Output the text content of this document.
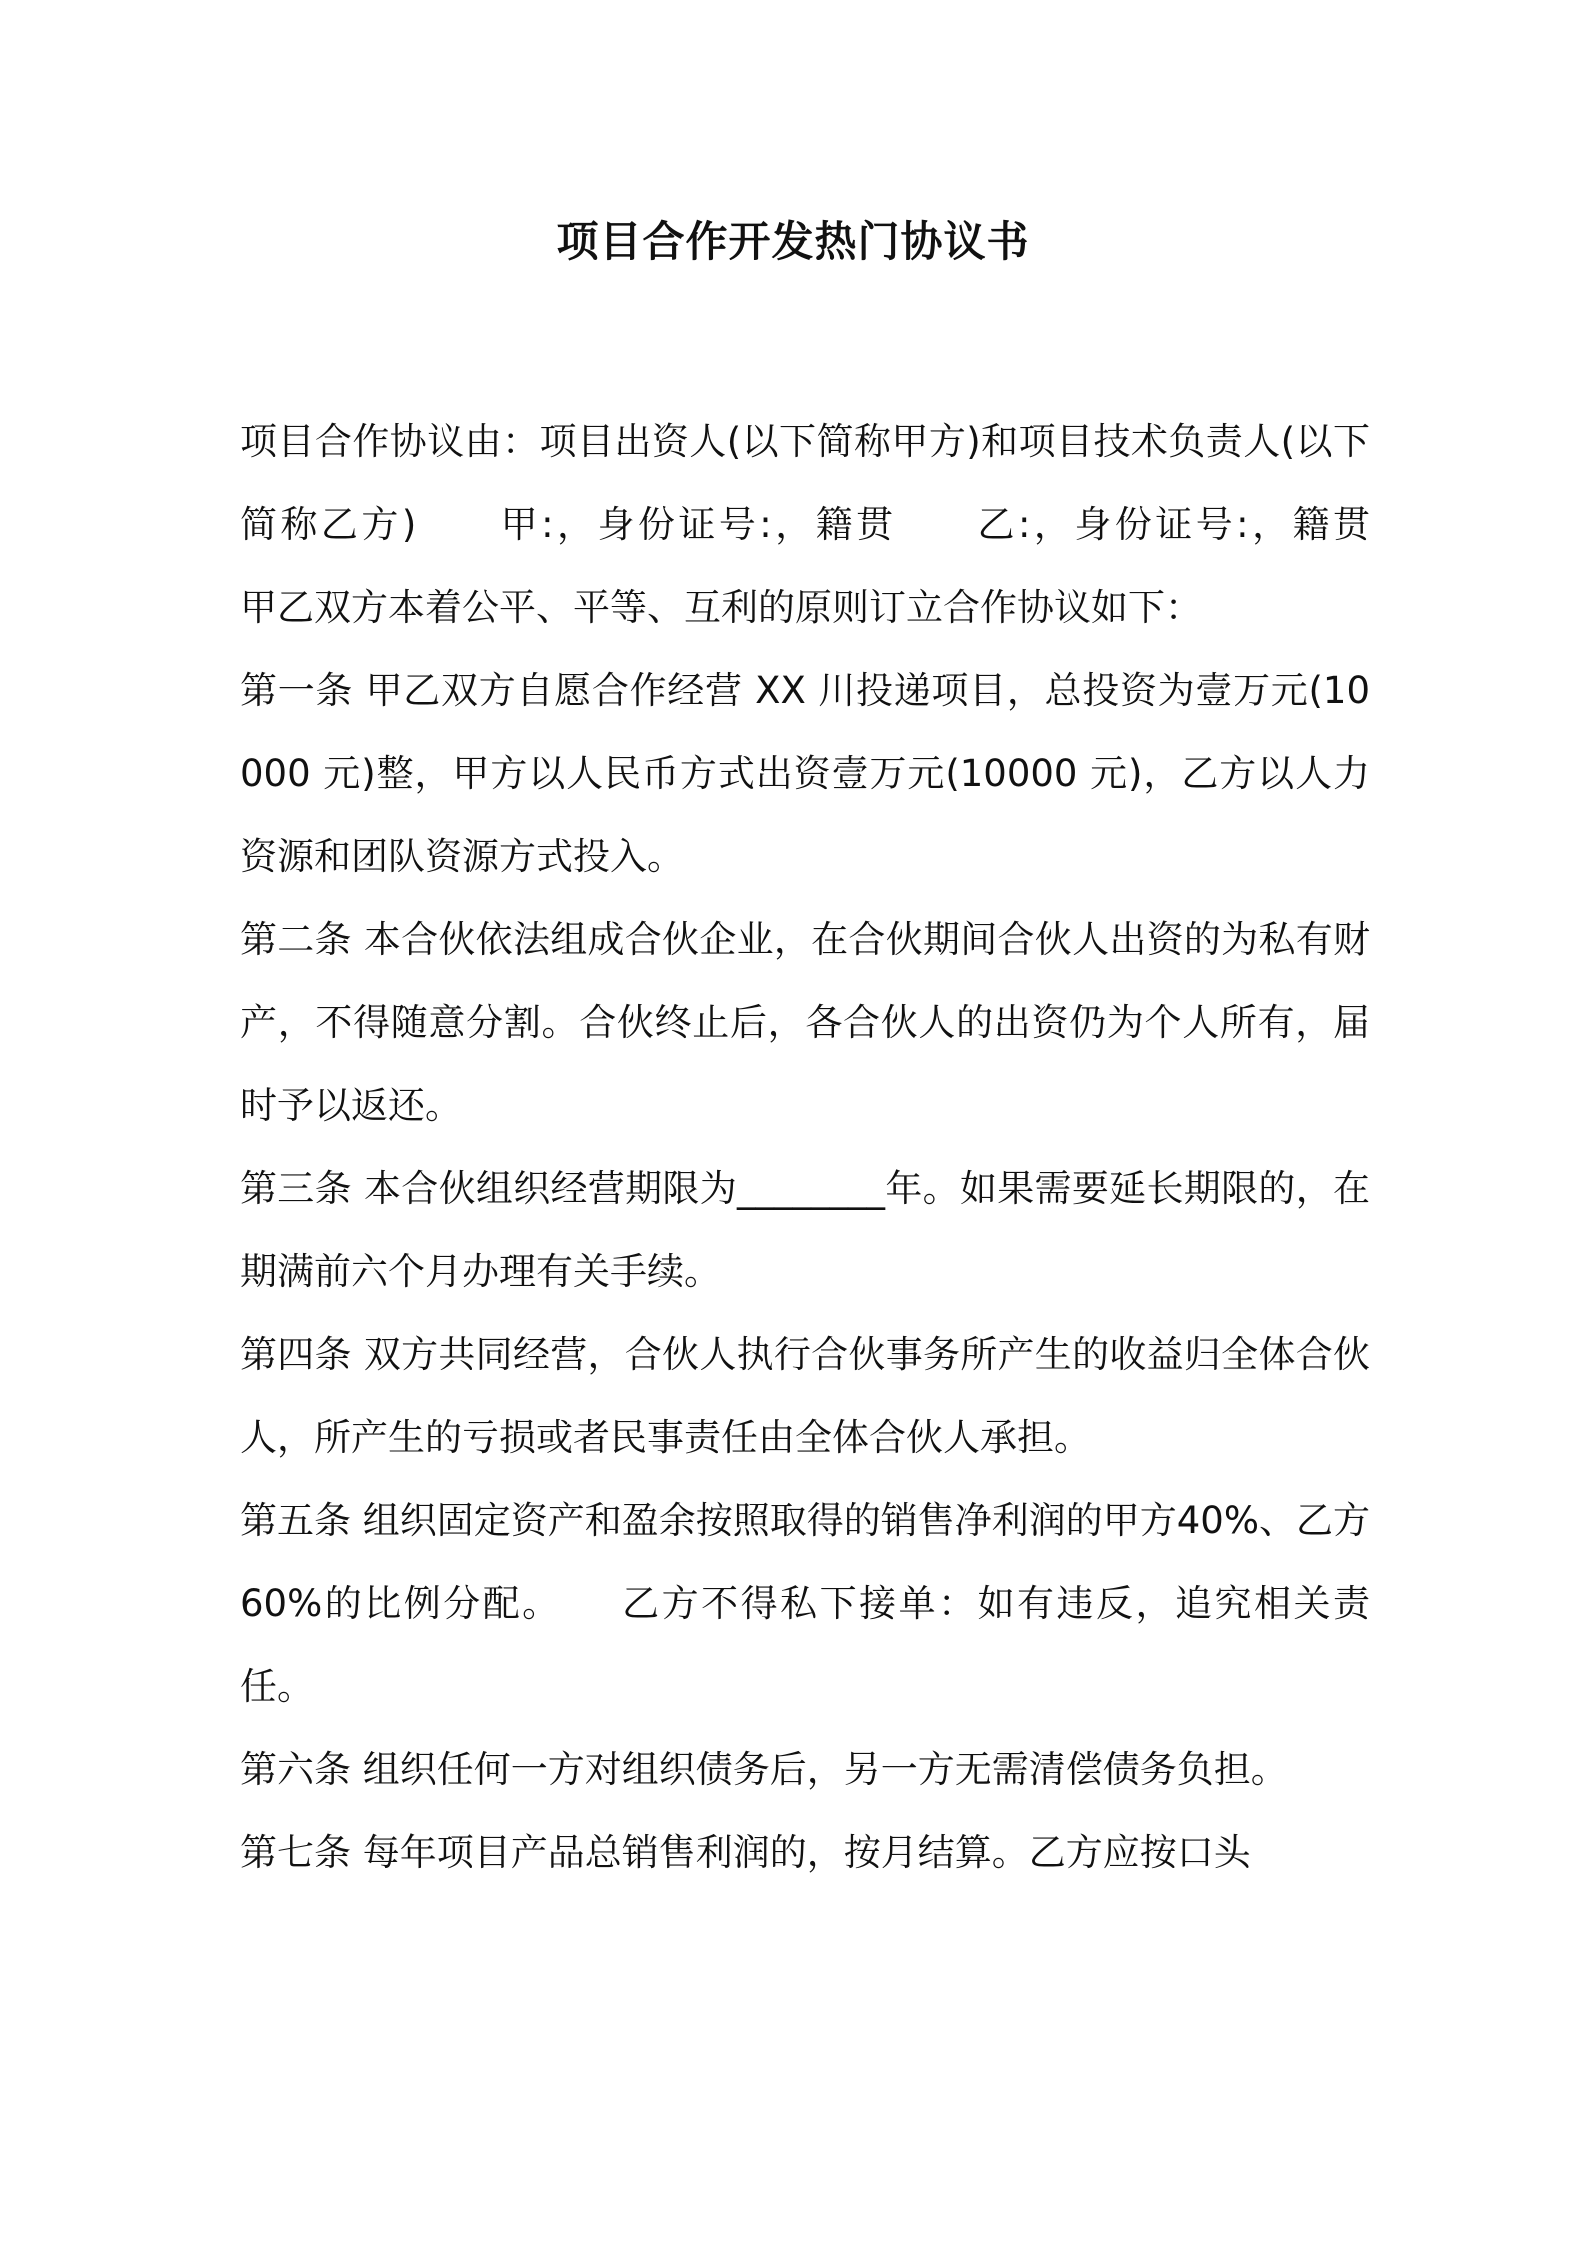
项目合作开发热门协议书

项目合作协议由：项目出资人(以下简称甲方)和项目技术负责人(以下简称乙方)　　甲:，身份证号:，籍贯　　乙:，身份证号:，籍贯　　甲乙双方本着公平、平等、互利的原则订立合作协议如下：

第一条 甲乙双方自愿合作经营 XX 川投递项目，总投资为壹万元(10000 元)整，甲方以人民币方式出资壹万元(10000 元)，乙方以人力资源和团队资源方式投入。

第二条 本合伙依法组成合伙企业，在合伙期间合伙人出资的为私有财产，不得随意分割。合伙终止后，各合伙人的出资仍为个人所有，届时予以返还。

第三条 本合伙组织经营期限为________年。如果需要延长期限的，在期满前六个月办理有关手续。

第四条 双方共同经营，合伙人执行合伙事务所产生的收益归全体合伙人，所产生的亏损或者民事责任由全体合伙人承担。

第五条 组织固定资产和盈余按照取得的销售净利润的甲方40%、乙方 60%的比例分配。　　乙方不得私下接单：如有违反，追究相关责任。

第六条 组织任何一方对组织债务后，另一方无需清偿债务负担。

第七条 每年项目产品总销售利润的，按月结算。乙方应按口头
